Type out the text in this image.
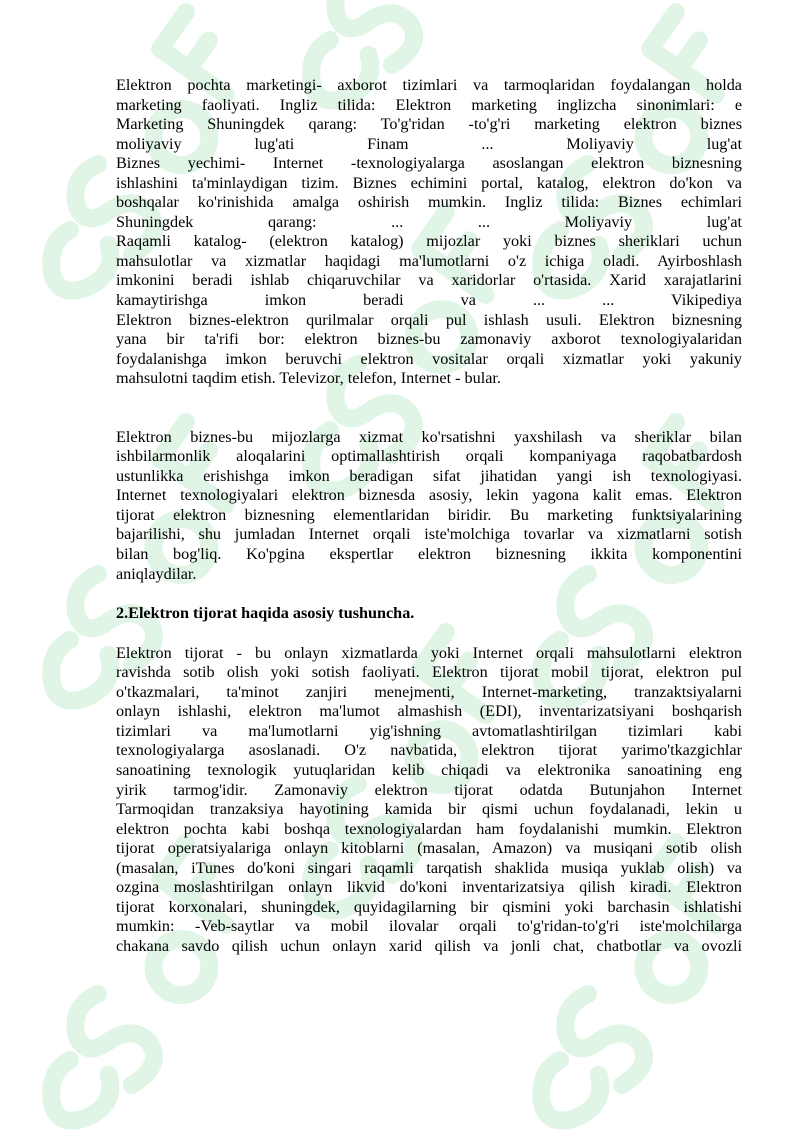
Elektron pochta marketingi- axborot tizimlari va tarmoqlaridan foydalangan holda
marketing faoliyati. Ingliz tilida: Elektron marketing inglizcha sinonimlari: e
Marketing Shuningdek qarang: To'g'ridan -to'g'ri marketing elektron biznes
moliyaviy lug'ati Finam ... Moliyaviy lug'at
Biznes yechimi- Internet -texnologiyalarga asoslangan elektron biznesning
ishlashini ta'minlaydigan tizim. Biznes echimini portal, katalog, elektron do'kon va
boshqalar ko'rinishida amalga oshirish mumkin. Ingliz tilida: Biznes echimlari
Shuningdek qarang: ... ... Moliyaviy lug'at
Raqamli katalog- (elektron katalog) mijozlar yoki biznes sheriklari uchun
mahsulotlar va xizmatlar haqidagi ma'lumotlarni o'z ichiga oladi. Ayirboshlash
imkonini beradi ishlab chiqaruvchilar va xaridorlar o'rtasida. Xarid xarajatlarini
kamaytirishga imkon beradi va ... ... Vikipediya
Elektron biznes-elektron qurilmalar orqali pul ishlash usuli. Elektron biznesning
yana bir ta'rifi bor: elektron biznes-bu zamonaviy axborot texnologiyalaridan
foydalanishga imkon beruvchi elektron vositalar orqali xizmatlar yoki yakuniy
mahsulotni taqdim etish. Televizor, telefon, Internet - bular.
Elektron biznes-bu mijozlarga xizmat ko'rsatishni yaxshilash va sheriklar bilan
ishbilarmonlik aloqalarini optimallashtirish orqali kompaniyaga raqobatbardosh
ustunlikka erishishga imkon beradigan sifat jihatidan yangi ish texnologiyasi.
Internet texnologiyalari elektron biznesda asosiy, lekin yagona kalit emas. Elektron
tijorat elektron biznesning elementlaridan biridir. Bu marketing funktsiyalarining
bajarilishi, shu jumladan Internet orqali iste'molchiga tovarlar va xizmatlarni sotish
bilan bog'liq. Ko'pgina ekspertlar elektron biznesning ikkita komponentini
aniqlaydilar.
2.Elektron tijorat haqida asosiy tushuncha.
Elektron tijorat - bu onlayn xizmatlarda yoki Internet orqali mahsulotlarni elektron
ravishda sotib olish yoki sotish faoliyati. Elektron tijorat mobil tijorat, elektron pul
o'tkazmalari, ta'minot zanjiri menejmenti, Internet-marketing, tranzaktsiyalarni
onlayn ishlashi, elektron ma'lumot almashish (EDI), inventarizatsiyani boshqarish
tizimlari va ma'lumotlarni yig'ishning avtomatlashtirilgan tizimlari kabi
texnologiyalarga asoslanadi. O'z navbatida, elektron tijorat yarimo'tkazgichlar
sanoatining texnologik yutuqlaridan kelib chiqadi va elektronika sanoatining eng
yirik tarmog'idir. Zamonaviy elektron tijorat odatda Butunjahon Internet
Tarmoqidan tranzaksiya hayotining kamida bir qismi uchun foydalanadi, lekin u
elektron pochta kabi boshqa texnologiyalardan ham foydalanishi mumkin. Elektron
tijorat operatsiyalariga onlayn kitoblarni (masalan, Amazon) va musiqani sotib olish
(masalan, iTunes do'koni singari raqamli tarqatish shaklida musiqa yuklab olish) va
ozgina moslashtirilgan onlayn likvid do'koni inventarizatsiya qilish kiradi. Elektron
tijorat korxonalari, shuningdek, quyidagilarning bir qismini yoki barchasin ishlatishi
mumkin: -Veb-saytlar va mobil ilovalar orqali to'g'ridan-to'g'ri iste'molchilarga
chakana savdo qilish uchun onlayn xarid qilish va jonli chat, chatbotlar va ovozli
